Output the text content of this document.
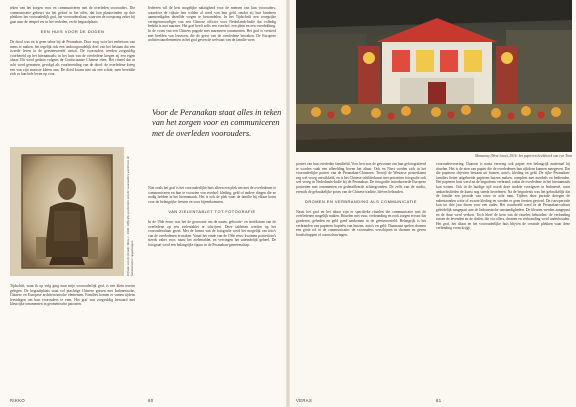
teken van het zorgen voor en communiceren met de overleden voorouders. Die communicatie gebeurt via het geloof in het offer, dat kan plaatsvinden op drie plekken: het voorouderlijk graf, het voorouderaltaar, waarvan de oorsprong zeker bij gaat naar de tempel ver in het verleden, en de begraafplaats.

EEN HUIS VOOR DE DODEN

De dood was en is geen taboe bij de Peranakan. Door zorg voor het eerbetoon van mens te maken, het tegelijk ook een ondoorgrondelijk deel van het bestaan dat een tweede leven in de geestenwereld omvat. De voorouders werden zorgvuldig voorbereid op het hiernamaals; in het huis van de overledene kregen zij een eigen altaar. Dit werd gedaan volgens de Confuciaanse Chinese riten. Het ritueel dat in acht werd genomen, gevolgd als voorbereiding van de dood: de overledene kreeg een van zijn mooiste kleren aan. De dood kwam niet als een schok; men bereidde zich er hun hele leven op voor.

Erfstuk van de familie Han, c. 1900. Officiële portretten van de voorouders werden in de familiekamer opgehangen.

Tijdschift, waar ik op volg ging naar mijn voorouderlijk graf, is een klein terrein gelegen. De begraafplaats staat vol prachtige Chinese graven met Indonesische, Chinese en Europese architectonische elementen. Families komen er samen tijdens feestdagen om hun voorouders te eren. Het graf was zorgvuldig bewaard met kleurrijke ornamenten in geometrische patronen.

Iedereen wil de best mogelijke nalatigheid voor de mensen van hun voorouders, waardoor de rijkste hen wilden al werd van hun geld, omdat zij hun kinderen aanmoedigden dezelfde wegen te bewandelen. In het Tijdschrift een vroegrijke vertegenwoordiger van een Chinese officier voor Nederlands-Indië dat volledig bedekt is met marmer. Het graf heeft zelfs een voorhof, een plein en een overdekking. In de vorm van een Chinees pagode met marmeren ornamenten. Het graf is versierd met beelden van leeuwen, die de geest van de overledene bewaken. De Europese architectuurelementen in het graf geven de welvaart van de familie weer.

Voor de Peranakan staat alles in teken van het zorgen voor en communiceren met de overleden voorouders.

Niet zoals het graf is het voorouderlijke huis alleen een plek om met de overledenen te communiceren en hun te voorzien van voedsel, kleding, geld of andere dingen die ze nodig hebben in het hiernamaals. Het is ook de plek waar de familie bij elkaar komt voor de belangrijke feesten en voor bijeenkomsten.

VAN ZIELENTABLET TOT FOTOGRAFIE

In de 19de eeuw was het de gewoonte om de naam, geboorte- en sterfdatum van de overledene op een zielentablet te schrijven. Deze tabletten werden op het voorouderaltaar gezet. Met de komst van de fotografie werd het mogelijk om foto's van de overledenen te maken. Vanaf het einde van de 19de eeuw kwamen portretfoto's steeds vaker voor, naast het zielentablet, en vervingen het uiteindelijk geheel. De fotograaf werd een belangrijke figuur in de Peranakan-gemeenschap.

Mansaray (West-Java), 2016: het papieren beeldwerk van een Toen

portret van hun overleden familielid. Voor hen was de gewoonte om hun gefotografeerd te worden vaak een afbeelding boven het altaar. Ook en Nieri voeden zich in het voorouderlijke portret van de Peranakan-Chinezen. Terwijl de Westerse portretkunst zeg wel vroeg ontwikkeld, en is het Chinese schilderkunst met portretten fotografie ook wel vroeg in Nederlands-Indië bij de Peranakan. De fotografie introduceerde Europese portretten met ornamenten en gedetailleerde achtergronden. De zelfs van de studio, evenals de gebruikelijke poses van de Chinese traditie, bleven behouden.

DROMEN EN VERBRANDING ALS COMMUNICATIE

Naast het graf en het altaar zijn er specifieke rituelen die communicatie met de overledenen mogelijk maken. Rituelen met vuur, verbranding en rook zorgen ervoor dat goederen, geheden en geld goed aankomen in de geestenwereld. Belangrijk is het verbranden van papieren kopieën van huizen, auto's en geld. Daarnaast spelen dromen een grote rol in de communicatie: de voorouders verschijnen in dromen en geven boodschappen of waarschuwingen.

voorouderverering. Daarom is naast verering ook papier een belangrijk materiaal bij rituelen. Het is de zien van papier die de overledenen hun rijkdom kunnen meegeven. Dat die papieren objecten bestaan uit huizen, auto's, kleding en geld. De rijke Peranakan-families lieten uitgebreide papieren huizen maken, compleet met meubels en bedienden. Het papieren huis werd na de begrafenis verbrand, zodat de overledene in het hiernamaals kon wonen. Ook in de huidige tijd wordt deze traditie voortgezet in Indonesië, waar ambachtslieden de kunst nog steeds beoefenen. Na de begrafenis was het gebruikelijk dat de familie een periode van rouw in acht nam. Tijdens deze periode droegen de nabestaanden witte of zwarte kleding en werden er geen feesten gevierd. De rouwperiode kon tot drie jaar duren voor een ouder. Het rouwbeeld werd in de Peranakan-cultuur geleidelijk aangepast aan de Indonesische omstandigheden. De kleuren werden aangepast en de duur werd verkort. Toch bleef de kern van de rituelen behouden: de verbinding tussen de levenden en de doden, die via offers, dromen en verbranding werd onderhouden. Het graf, het altaar en het voorouderlijke huis blijven de centrale plekken waar deze verbinding vorm krijgt.

RIKKO	60	VERAS	61
